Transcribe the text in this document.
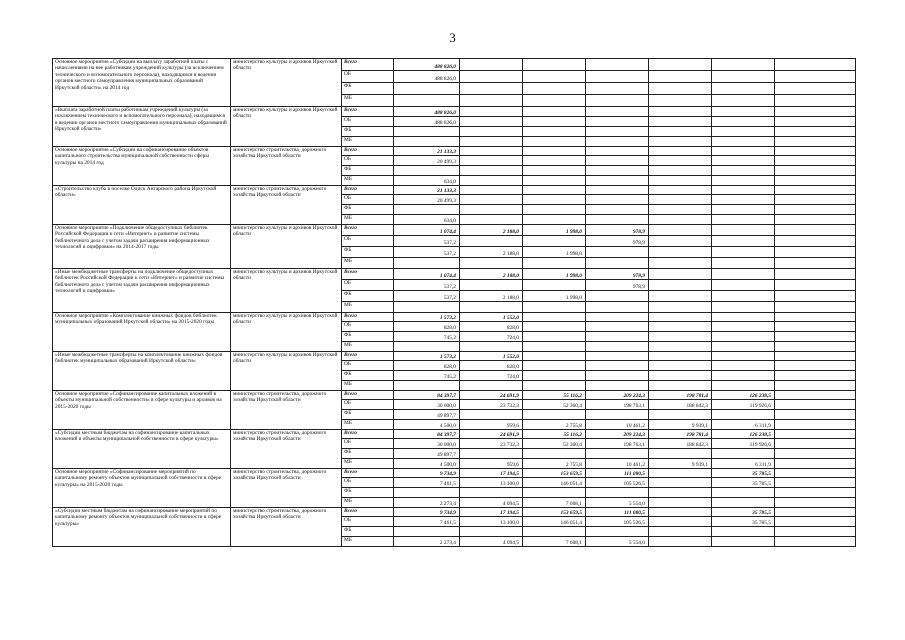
3
Основное мероприятие «Субсидии на выплату заработной платы с начислениями на нее работникам учреждений культуры (за исключением технического и вспомогательного персонала), находящимся в ведении органов местного самоуправления муниципальных образований Иркутской области» на 2014 год	министерство культуры и архивов Иркутской области	Всего	488 826,0						
		ОБ	488 826,0						
		ФБ							
		МБ							
«Выплата заработной платы работникам учреждений культуры (за исключением технического и вспомогательного персонала), находящимся в ведении органов местного самоуправления муниципальных образований Иркутской области»	министерство культуры и архивов Иркутской области	Всего	488 826,0						
		ОБ	488 826,0						
		ФБ							
		МБ							
Основное мероприятие «Субсидии на софинансирование объектов капитального строительства муниципальной собственности сферы культуры на 2014 год	министерство строительства, дорожного хозяйства Иркутской области	Всего	21 133,3						
		ОБ	20 499,3						
		ФБ							
		МБ	634,0						
«Строительство клуба в поселке Одиск Ангарского района Иркутской области»	министерство строительства, дорожного хозяйства Иркутской области	Всего	21 133,3						
		ОБ	20 499,3						
		ФБ							
		МБ	634,0						
Основное мероприятие «Подключение общедоступных библиотек Российской Федерации к сети «Интернет» и развитие системы библиотечного дела с учетом задачи расширения информационных технологий и оцифровки» на 2014-2017 годы	министерство культуры и архивов Иркутской области	Всего	1 074,4	2 188,0	1 998,0	978,9			
		ОБ	537,2			978,9			
		ФБ	537,2	2 188,0	1 998,0				
		МБ							
«Иные межбюджетные трансферты на подключение общедоступных библиотек Российской Федерации к сети «Интернет» и развитие системы библиотечного дела с учетом задачи расширения информационных технологий и оцифровки»	министерство культуры и архивов Иркутской области	Всего	1 074,4	2 188,0	1 998,0	978,9			
		ОБ	537,2			978,9			
		ФБ	537,2	2 188,0	1 998,0				
		МБ							
Основное мероприятие «Комплектование книжных фондов библиотек муниципальных образований Иркутской области» на 2015-2020 годы	министерство культуры и архивов Иркутской области	Всего	1 573,2	1 552,0					
		ОБ	828,0	828,0					
		ФБ	745,2	724,0					
		МБ							
«Иные межбюджетные трансферты на комплектование книжных фондов библиотек муниципальных образований Иркутской области»	министерство культуры и архивов Иркутской области	Всего	1 573,2	1 552,0					
		ОБ	828,0	828,0					
		ФБ	745,2	724,0					
		МБ							
Основное мероприятие «Софинансирование капитальных вложений в объекты муниципальной собственности» в сфере культуры и архивов на 2015-2020 годы	министерство строительства, дорожного хозяйства Иркутской области	Всего	84 397,7	24 691,9	55 116,2	209 224,3	198 781,4	126 238,5	
		ОБ	30 000,0	23 732,3	52 360,4	198 763,1	188 842,3	119 926,6	
		ФБ	49 897,7						
		МБ	4 500,0	959,6	2 755,8	10 461,2	9 939,1	6 311,9	
«Субсидии местным бюджетам на софинансирование капитальных вложений в объекты муниципальной собственности в сфере культуры»	министерство строительства, дорожного хозяйства Иркутской области	Всего	84 397,7	24 691,9	55 116,2	209 224,3	198 781,4	126 238,5	
		ОБ	30 000,0	23 732,3	52 360,4	198 763,1	188 842,3	119 926,6	
		ФБ	49 897,7						
		МБ	4 500,0	959,6	2 755,8	10 461,2	9 939,1	6 311,9	
Основное мероприятие «Софинансирование мероприятий по капитальному ремонту объектов муниципальной собственности в сфере культуры» на 2015-2020 годы	министерство строительства, дорожного хозяйства Иркутской области	Всего	9 734,9	17 194,5	153 659,5	111 080,5		35 785,5	
		ОБ	7 461,5	13 100,0	146 051,4	105 526,5		35 785,5	
		ФБ							
		МБ	2 273,4	4 094,5	7 608,1	5 554,0			
«Субсидии местным бюджетам на софинансирование мероприятий по капитальному ремонту объектов муниципальной собственности в сфере культуры»	министерство строительства, дорожного хозяйства Иркутской области	Всего	9 734,9	17 194,5	153 659,5	111 080,5		35 785,5	
		ОБ	7 461,5	13 100,0	146 051,4	105 526,5		35 785,5	
		ФБ							
		МБ	2 273,4	4 094,5	7 608,1	5 554,0			
